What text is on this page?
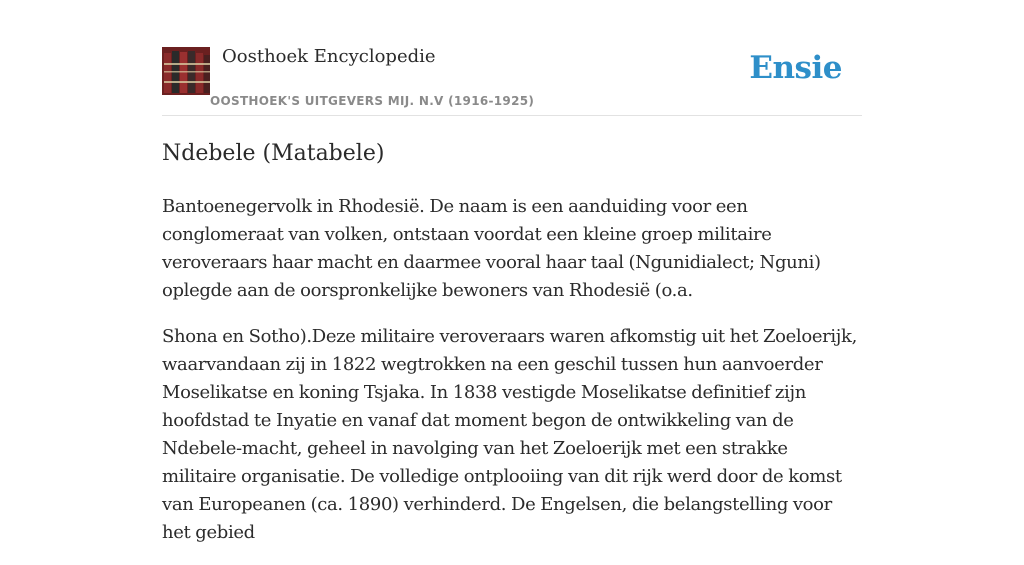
Oosthoek Encyclopedie
OOSTHOEK'S UITGEVERS MIJ. N.V (1916-1925)
Ensie
Ndebele (Matabele)

Bantoenegervolk in Rhodesië. De naam is een aanduiding voor een conglomeraat van volken, ontstaan voordat een kleine groep militaire veroveraars haar macht en daarmee vooral haar taal (Ngunidialect; Nguni) oplegde aan de oorspronkelijke bewoners van Rhodesië (o.a.

Shona en Sotho).Deze militaire veroveraars waren afkomstig uit het Zoeloerijk, waarvandaan zij in 1822 wegtrokken na een geschil tussen hun aanvoerder Moselikatse en koning Tsjaka. In 1838 vestigde Moselikatse definitief zijn hoofdstad te Inyatie en vanaf dat moment begon de ontwikkeling van de Ndebele-macht, geheel in navolging van het Zoeloerijk met een strakke militaire organisatie. De volledige ontplooiing van dit rijk werd door de komst van Europeanen (ca. 1890) verhinderd. De Engelsen, die belangstelling voor het gebied
